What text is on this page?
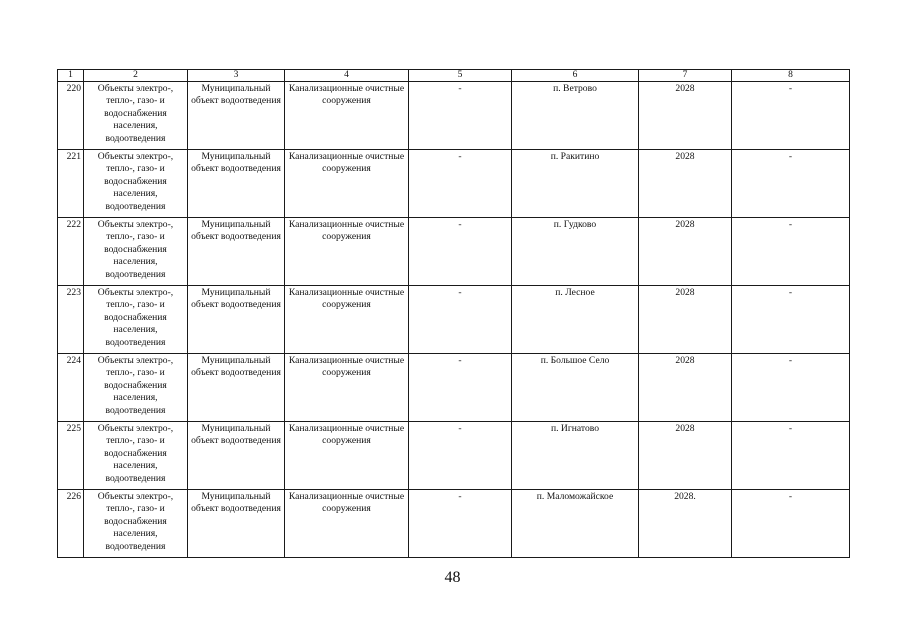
1	2	3	4	5	6	7	8
220	Объекты электро-, тепло-, газо- и водоснабжения населения, водоотведения	Муниципальный объект водоотведения	Канализационные очистные сооружения	-	п. Ветрово	2028	-
221	Объекты электро-, тепло-, газо- и водоснабжения населения, водоотведения	Муниципальный объект водоотведения	Канализационные очистные сооружения	-	п. Ракитино	2028	-
222	Объекты электро-, тепло-, газо- и водоснабжения населения, водоотведения	Муниципальный объект водоотведения	Канализационные очистные сооружения	-	п. Гудково	2028	-
223	Объекты электро-, тепло-, газо- и водоснабжения населения, водоотведения	Муниципальный объект водоотведения	Канализационные очистные сооружения	-	п. Лесное	2028	-
224	Объекты электро-, тепло-, газо- и водоснабжения населения, водоотведения	Муниципальный объект водоотведения	Канализационные очистные сооружения	-	п. Большое Село	2028	-
225	Объекты электро-, тепло-, газо- и водоснабжения населения, водоотведения	Муниципальный объект водоотведения	Канализационные очистные сооружения	-	п. Игнатово	2028	-
226	Объекты электро-, тепло-, газо- и водоснабжения населения, водоотведения	Муниципальный объект водоотведения	Канализационные очистные сооружения	-	п. Маломожайское	2028.	-
48
